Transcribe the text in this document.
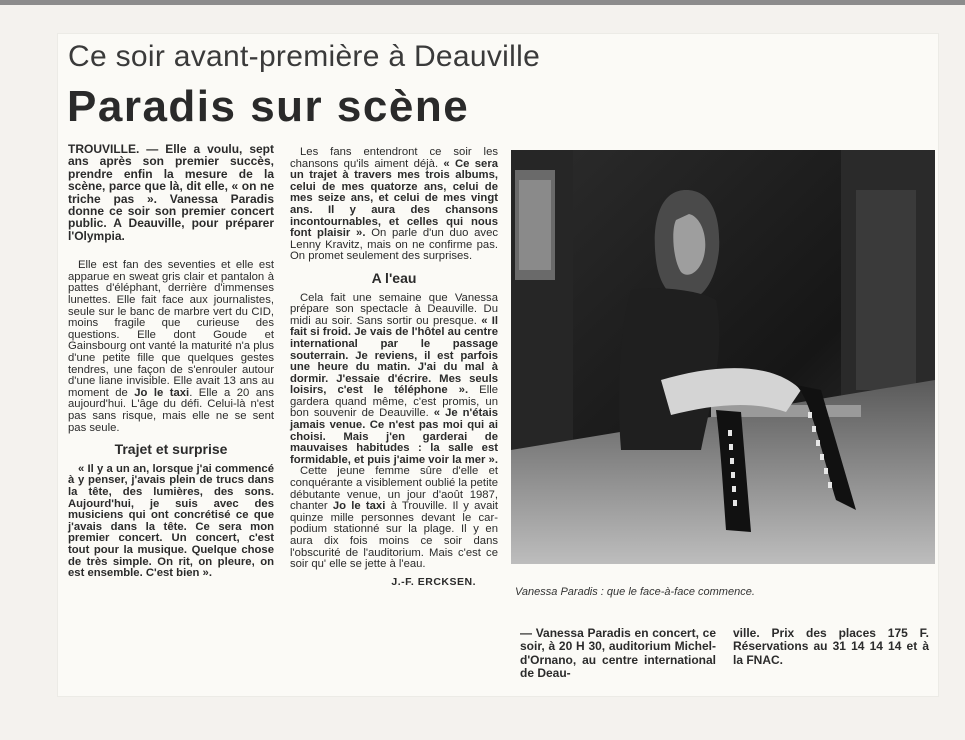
Ce soir avant-première à Deauville
Paradis sur scène

TROUVILLE. — Elle a voulu, sept ans après son premier succès, prendre enfin la mesure de la scène, parce que là, dit elle, « on ne triche pas ». Vanessa Paradis donne ce soir son premier concert public. A Deauville, pour préparer l'Olympia.

Elle est fan des seventies et elle est apparue en sweat gris clair et pantalon à pattes d'éléphant, derrière d'immenses lunettes. Elle fait face aux journalistes, seule sur le banc de marbre vert du CID, moins fragile que curieuse des questions. Elle dont Goude et Gainsbourg ont vanté la maturité n'a plus d'une petite fille que quelques gestes tendres, une façon de s'enrouler autour d'une liane invisible. Elle avait 13 ans au moment de Jo le taxi. Elle a 20 ans aujourd'hui. L'âge du défi. Celui-là n'est pas sans risque, mais elle ne se sent pas seule.

Trajet et surprise

« Il y a un an, lorsque j'ai commencé à y penser, j'avais plein de trucs dans la tête, des lumières, des sons. Aujourd'hui, je suis avec des musiciens qui ont concrétisé ce que j'avais dans la tête. Ce sera mon premier concert. Un concert, c'est tout pour la musique. Quelque chose de très simple. On rit, on pleure, on est ensemble. C'est bien ».

Les fans entendront ce soir les chansons qu'ils aiment déjà. « Ce sera un trajet à travers mes trois albums, celui de mes quatorze ans, celui de mes seize ans, et celui de mes vingt ans. Il y aura des chansons incontournables, et celles qui nous font plaisir ». On parle d'un duo avec Lenny Kravitz, mais on ne confirme pas. On promet seulement des surprises.

A l'eau

Cela fait une semaine que Vanessa prépare son spectacle à Deauville. Du midi au soir. Sans sortir ou presque. « Il fait si froid. Je vais de l'hôtel au centre international par le passage souterrain. Je reviens, il est parfois une heure du matin. J'ai du mal à dormir. J'essaie d'écrire. Mes seuls loisirs, c'est le téléphone ». Elle gardera quand même, c'est promis, un bon souvenir de Deauville. « Je n'étais jamais venue. Ce n'est pas moi qui ai choisi. Mais j'en garderai de mauvaises habitudes : la salle est formidable, et puis j'aime voir la mer ».

Cette jeune femme sûre d'elle et conquérante a visiblement oublié la petite débutante venue, un jour d'août 1987, chanter Jo le taxi à Trouville. Il y avait quinze mille personnes devant le car-podium stationné sur la plage. Il y en aura dix fois moins ce soir dans l'obscurité de l'auditorium. Mais c'est ce soir qu' elle se jette à l'eau.

J.-F. ERCKSEN.
Vanessa Paradis : que le face-à-face commence.
— Vanessa Paradis en concert, ce soir, à 20 H 30, auditorium Michel-d'Ornano, au centre international de Deau-
ville. Prix des places 175 F. Réservations au 31 14 14 14 et à la FNAC.
